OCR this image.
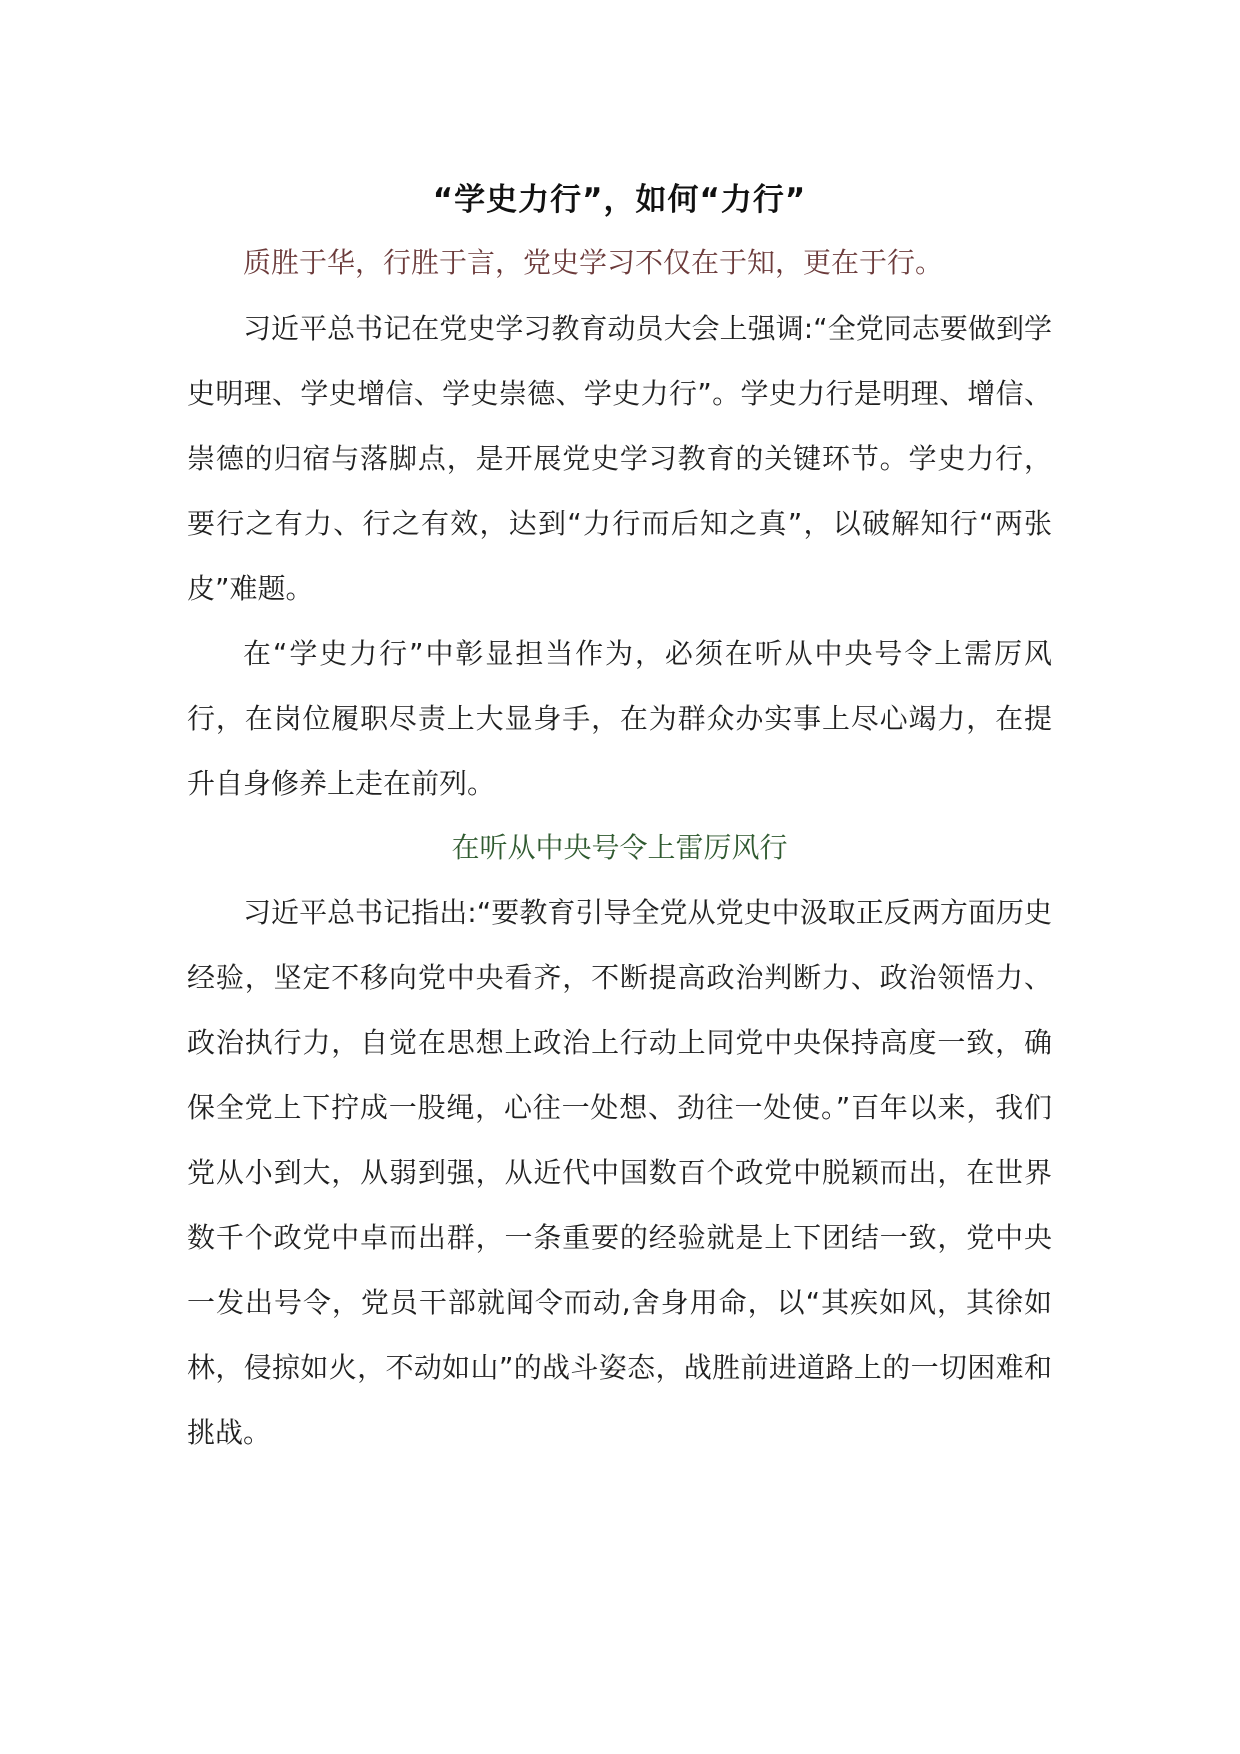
“学史力行”，如何“力行”

质胜于华，行胜于言，党史学习不仅在于知，更在于行。

习近平总书记在党史学习教育动员大会上强调:“全党同志要做到学史明理、学史增信、学史崇德、学史力行”。学史力行是明理、增信、崇德的归宿与落脚点，是开展党史学习教育的关键环节。学史力行，要行之有力、行之有效，达到“力行而后知之真”，以破解知行“两张皮”难题。

在“学史力行”中彰显担当作为，必须在听从中央号令上需厉风行，在岗位履职尽责上大显身手，在为群众办实事上尽心竭力，在提升自身修养上走在前列。

在听从中央号令上雷厉风行

习近平总书记指出:“要教育引导全党从党史中汲取正反两方面历史经验，坚定不移向党中央看齐，不断提高政治判断力、政治领悟力、政治执行力，自觉在思想上政治上行动上同党中央保持高度一致，确保全党上下拧成一股绳，心往一处想、劲往一处使。”百年以来，我们党从小到大，从弱到强，从近代中国数百个政党中脱颖而出，在世界数千个政党中卓而出群，一条重要的经验就是上下团结一致，党中央一发出号令，党员干部就闻令而动,舍身用命，以“其疾如风，其徐如林，侵掠如火，不动如山”的战斗姿态，战胜前进道路上的一切困难和挑战。
